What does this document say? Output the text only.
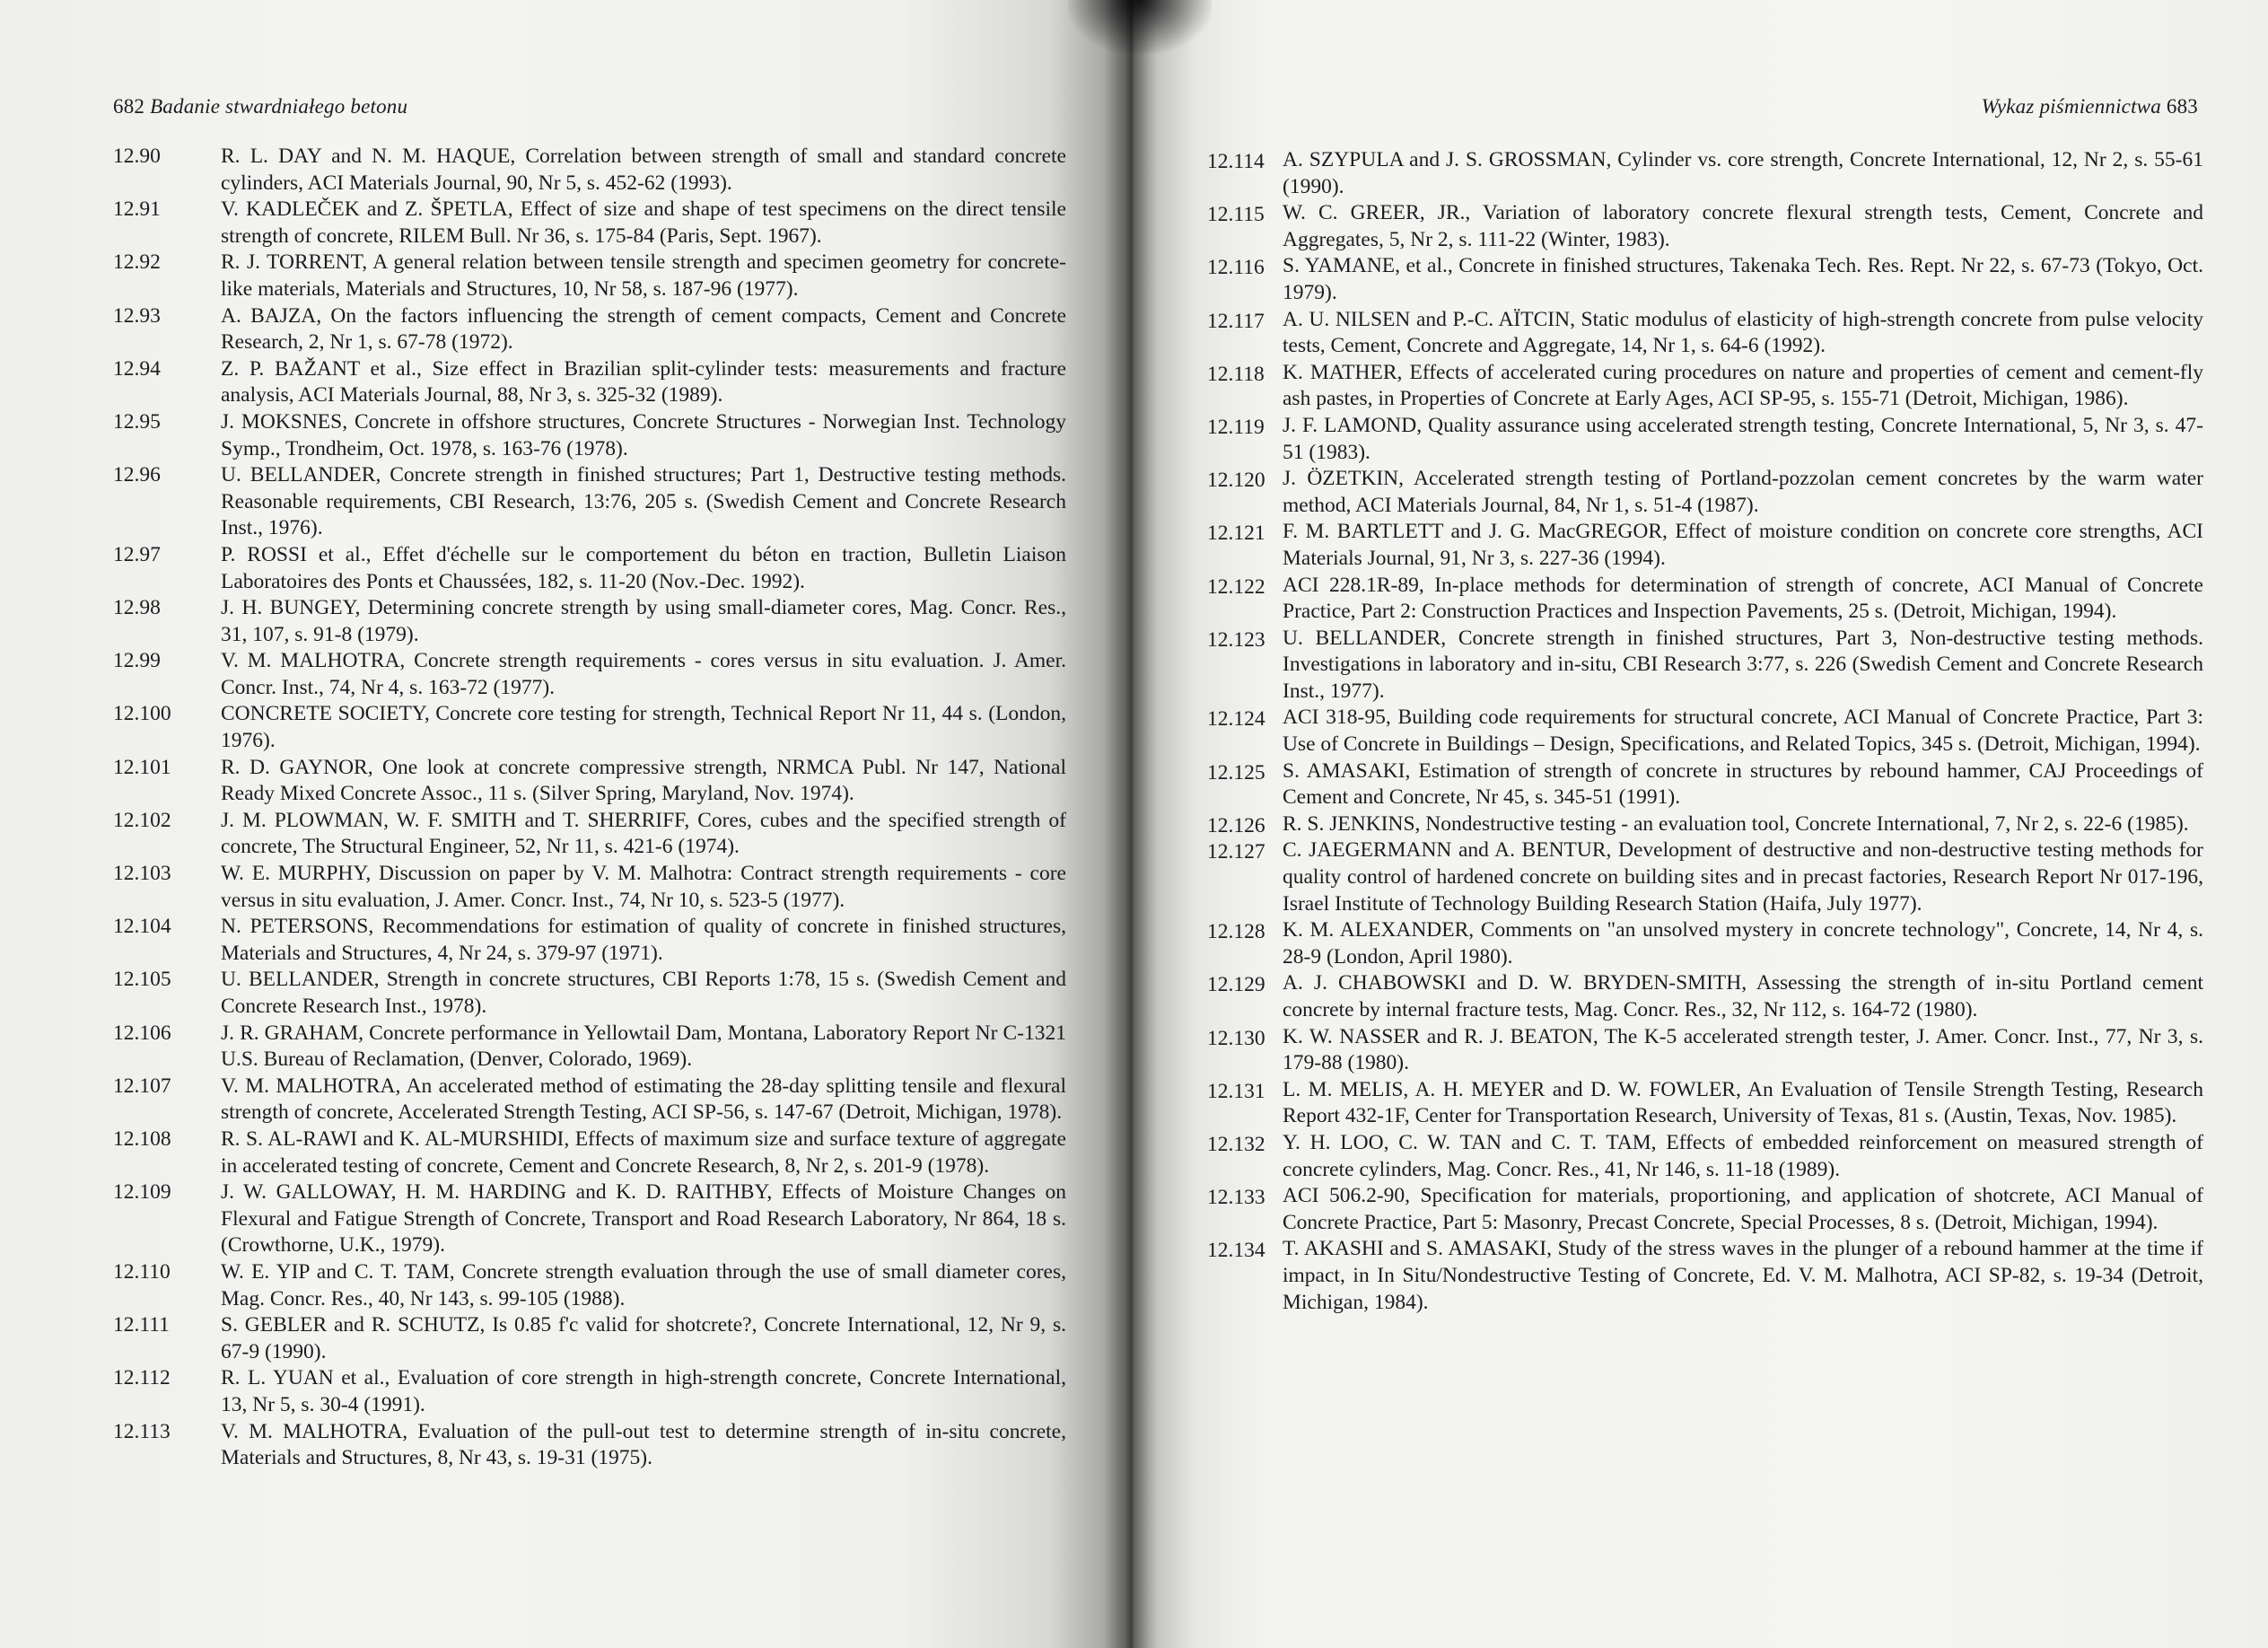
682 Badanie stwardniałego betonu
12.90	R. L. DAY and N. M. HAQUE, Correlation between strength of small and standard concrete cylinders, ACI Materials Journal, 90, Nr 5, s. 452-62 (1993).
12.91	V. KADLEČEK and Z. ŠPETLA, Effect of size and shape of test specimens on the direct tensile strength of concrete, RILEM Bull. Nr 36, s. 175-84 (Paris, Sept. 1967).
12.92	R. J. TORRENT, A general relation between tensile strength and specimen geometry for concrete-like materials, Materials and Structures, 10, Nr 58, s. 187-96 (1977).
12.93	A. BAJZA, On the factors influencing the strength of cement compacts, Cement and Concrete Research, 2, Nr 1, s. 67-78 (1972).
12.94	Z. P. BAŽANT et al., Size effect in Brazilian split-cylinder tests: measurements and fracture analysis, ACI Materials Journal, 88, Nr 3, s. 325-32 (1989).
12.95	J. MOKSNES, Concrete in offshore structures, Concrete Structures - Norwegian Inst. Technology Symp., Trondheim, Oct. 1978, s. 163-76 (1978).
12.96	U. BELLANDER, Concrete strength in finished structures; Part 1, Destructive testing methods. Reasonable requirements, CBI Research, 13:76, 205 s. (Swedish Cement and Concrete Research Inst., 1976).
12.97	P. ROSSI et al., Effet d'échelle sur le comportement du béton en traction, Bulletin Liaison Laboratoires des Ponts et Chaussées, 182, s. 11-20 (Nov.-Dec. 1992).
12.98	J. H. BUNGEY, Determining concrete strength by using small-diameter cores, Mag. Concr. Res., 31, 107, s. 91-8 (1979).
12.99	V. M. MALHOTRA, Concrete strength requirements - cores versus in situ evaluation. J. Amer. Concr. Inst., 74, Nr 4, s. 163-72 (1977).
12.100 CONCRETE SOCIETY, Concrete core testing for strength, Technical Report Nr 11, 44 s. (London, 1976).
12.101 R. D. GAYNOR, One look at concrete compressive strength, NRMCA Publ. Nr 147, National Ready Mixed Concrete Assoc., 11 s. (Silver Spring, Maryland, Nov. 1974).
12.102 J. M. PLOWMAN, W. F. SMITH and T. SHERRIFF, Cores, cubes and the specified strength of concrete, The Structural Engineer, 52, Nr 11, s. 421-6 (1974).
12.103 W. E. MURPHY, Discussion on paper by V. M. Malhotra: Contract strength requirements - core versus in situ evaluation, J. Amer. Concr. Inst., 74, Nr 10, s. 523-5 (1977).
12.104 N. PETERSONS, Recommendations for estimation of quality of concrete in finished structures, Materials and Structures, 4, Nr 24, s. 379-97 (1971).
12.105 U. BELLANDER, Strength in concrete structures, CBI Reports 1:78, 15 s. (Swedish Cement and Concrete Research Inst., 1978).
12.106 J. R. GRAHAM, Concrete performance in Yellowtail Dam, Montana, Laboratory Report Nr C-1321 U.S. Bureau of Reclamation, (Denver, Colorado, 1969).
12.107 V. M. MALHOTRA, An accelerated method of estimating the 28-day splitting tensile and flexural strength of concrete, Accelerated Strength Testing, ACI SP-56, s. 147-67 (Detroit, Michigan, 1978).
12.108 R. S. AL-RAWI and K. AL-MURSHIDI, Effects of maximum size and surface texture of aggregate in accelerated testing of concrete, Cement and Concrete Research, 8, Nr 2, s. 201-9 (1978).
12.109 J. W. GALLOWAY, H. M. HARDING and K. D. RAITHBY, Effects of Moisture Changes on Flexural and Fatigue Strength of Concrete, Transport and Road Research Laboratory, Nr 864, 18 s. (Crowthorne, U.K., 1979).
12.110 W. E. YIP and C. T. TAM, Concrete strength evaluation through the use of small diameter cores, Mag. Concr. Res., 40, Nr 143, s. 99-105 (1988).
12.111 S. GEBLER and R. SCHUTZ, Is 0.85 f'c valid for shotcrete?, Concrete International, 12, Nr 9, s. 67-9 (1990).
12.112 R. L. YUAN et al., Evaluation of core strength in high-strength concrete, Concrete International, 13, Nr 5, s. 30-4 (1991).
12.113 V. M. MALHOTRA, Evaluation of the pull-out test to determine strength of in-situ concrete, Materials and Structures, 8, Nr 43, s. 19-31 (1975).
Wykaz piśmiennictwa 683
12.114 A. SZYPULA and J. S. GROSSMAN, Cylinder vs. core strength, Concrete International, 12, Nr 2, s. 55-61 (1990).
12.115 W. C. GREER, JR., Variation of laboratory concrete flexural strength tests, Cement, Concrete and Aggregates, 5, Nr 2, s. 111-22 (Winter, 1983).
12.116 S. YAMANE, et al., Concrete in finished structures, Takenaka Tech. Res. Rept. Nr 22, s. 67-73 (Tokyo, Oct. 1979).
12.117 A. U. NILSEN and P.-C. AÏTCIN, Static modulus of elasticity of high-strength concrete from pulse velocity tests, Cement, Concrete and Aggregate, 14, Nr 1, s. 64-6 (1992).
12.118 K. MATHER, Effects of accelerated curing procedures on nature and properties of cement and cement-fly ash pastes, in Properties of Concrete at Early Ages, ACI SP-95, s. 155-71 (Detroit, Michigan, 1986).
12.119 J. F. LAMOND, Quality assurance using accelerated strength testing, Concrete International, 5, Nr 3, s. 47-51 (1983).
12.120 J. ÖZETKIN, Accelerated strength testing of Portland-pozzolan cement concretes by the warm water method, ACI Materials Journal, 84, Nr 1, s. 51-4 (1987).
12.121 F. M. BARTLETT and J. G. MacGREGOR, Effect of moisture condition on concrete core strengths, ACI Materials Journal, 91, Nr 3, s. 227-36 (1994).
12.122 ACI 228.1R-89, In-place methods for determination of strength of concrete, ACI Manual of Concrete Practice, Part 2: Construction Practices and Inspection Pavements, 25 s. (Detroit, Michigan, 1994).
12.123 U. BELLANDER, Concrete strength in finished structures, Part 3, Non-destructive testing methods. Investigations in laboratory and in-situ, CBI Research 3:77, s. 226 (Swedish Cement and Concrete Research Inst., 1977).
12.124 ACI 318-95, Building code requirements for structural concrete, ACI Manual of Concrete Practice, Part 3: Use of Concrete in Buildings – Design, Specifications, and Related Topics, 345 s. (Detroit, Michigan, 1994).
12.125 S. AMASAKI, Estimation of strength of concrete in structures by rebound hammer, CAJ Proceedings of Cement and Concrete, Nr 45, s. 345-51 (1991).
12.126 R. S. JENKINS, Nondestructive testing - an evaluation tool, Concrete International, 7, Nr 2, s. 22-6 (1985).
12.127 C. JAEGERMANN and A. BENTUR, Development of destructive and non-destructive testing methods for quality control of hardened concrete on building sites and in precast factories, Research Report Nr 017-196, Israel Institute of Technology Building Research Station (Haifa, July 1977).
12.128 K. M. ALEXANDER, Comments on "an unsolved mystery in concrete technology", Concrete, 14, Nr 4, s. 28-9 (London, April 1980).
12.129 A. J. CHABOWSKI and D. W. BRYDEN-SMITH, Assessing the strength of in-situ Portland cement concrete by internal fracture tests, Mag. Concr. Res., 32, Nr 112, s. 164-72 (1980).
12.130 K. W. NASSER and R. J. BEATON, The K-5 accelerated strength tester, J. Amer. Concr. Inst., 77, Nr 3, s. 179-88 (1980).
12.131 L. M. MELIS, A. H. MEYER and D. W. FOWLER, An Evaluation of Tensile Strength Testing, Research Report 432-1F, Center for Transportation Research, University of Texas, 81 s. (Austin, Texas, Nov. 1985).
12.132 Y. H. LOO, C. W. TAN and C. T. TAM, Effects of embedded reinforcement on measured strength of concrete cylinders, Mag. Concr. Res., 41, Nr 146, s. 11-18 (1989).
12.133 ACI 506.2-90, Specification for materials, proportioning, and application of shotcrete, ACI Manual of Concrete Practice, Part 5: Masonry, Precast Concrete, Special Processes, 8 s. (Detroit, Michigan, 1994).
12.134 T. AKASHI and S. AMASAKI, Study of the stress waves in the plunger of a rebound hammer at the time if impact, in In Situ/Nondestructive Testing of Concrete, Ed. V. M. Malhotra, ACI SP-82, s. 19-34 (Detroit, Michigan, 1984).
